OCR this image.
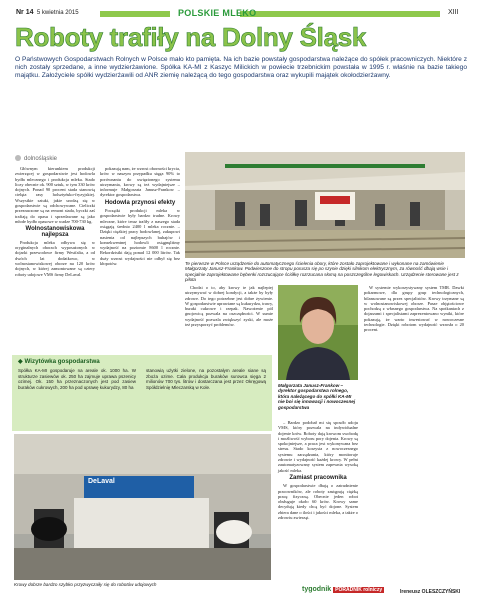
Nr 14 5 kwietnia 2015	POLSKIE MLEKO	XIII
Roboty trafiły na Dolny Śląsk
O Państwowych Gospodarstwach Rolnych w Polsce mało kto pamięta. Na ich bazie powstały gospodarstwa należące do spółek pracowniczych. Niektóre z nich zostały sprzedane, a inne wydzierżawione. Spółka KA-MI z Kaszyc Milickich w powiecie trzebnickim powstała w 1995 r. właśnie na bazie takiego majątku. Założyciele spółki wydzierżawili od ANR ziemię należącą do tego gospodarstwa oraz wykupili majątek okołodzierżawny.
dolnośląskie
Te pierwsze w Polsce urządzenie do automatycznego ścielenia obory, które zostało zaprojektowane i wykonane na zamówienie Małgorzaty Janusz-Frankow. Podwieszone do stropu porusza się po szynie dzięki silnikom elektrycznym, za równość dbają wsie i specjalnie zaprojektowane bębenki rozrzucające ściółkę rozrzucana słomą na poszczególne legowiskach. Urządzenie sterowane jest z pilota

Głównym kierunkiem produkcji zwierzęcej w gospodarstwie jest hodowla bydła mlecznego i produkcja mleka. Stado liczy obecnie ok. 900 sztuk, w tym 330 krów dojnych. Ponad 90 procent stada stanowią cielęta rasy holsztyńsko-fryzyjskiej. Wszystkie sztuki, jakie urodzą się w gospodarstwie są odchowywane. Cieliczki przeznaczone są na remont stada, byczki zaś trafiają do opasu i sprzedawane są jako młode bydło opasowe w wadze 700-730 kg.

Wolnostanowiskowa najlepsza

Produkcja mleka odbywa się w oryginalnych oborach wyposażonych w dojarki przewodowe firmy Westfalia, a od dwóch lat dodatkowo, w wolnostanowiskowej oborze na 120 krów dojnych, w której zamontowane są cztery roboty udojowe VMS firmy DeLaval.

pokazują nam, że wzrost oborności krycia, krów w naszym przypadku sięga 90% to porównaniu do uwięzionego systemu utrzymania, krowy są też wydajniejsze – informuje Małgorzata Janusz-Frankow – dyrektor gospodarstwa.

Hodowla przynosi efekty

Początki produkcji mleka w gospodarstwie były bardzo trudne. Krowy mleczne, które teraz trafiły z naszego stada osiągają średnio 2400 l mleka rocznie. – Dzięki ciężkiej pracy hodowlanej, zakupowi nasienia od najlepszych buhajów i konsekwentnej hodowli osiągnęliśmy wydajność na poziomie 8600 l rocznie. Rekordzistki dają ponad 12 000 litrów. Tak duży wzrost wydajności nie odbył się bez kłopotów.

Chodzi o to, aby krowy te jak najlepiej utrzymywać w dobrej kondycji, a także by były zdrowe. Do tego potrzebne jest dobre żywienie. W gospodarstwie uprawiane są kukurydza, trawy, buraki cukrowe i rzepak. Nawożenie pól gnojowicą pozwala na oszczędności. W sumie wydajność pozwala zwiększyć zyski, ale może też przysporzyć problemów.

Małgorzata Janusz-Frankow – dyrektor gospodarstwa rolnego, która należącego do spółki KA-MI nie boi się innowacji i nowoczesnej gospodarstwa

– Bardzo podobał mi się sposób udoju VMS, który pozwala na indywidualne dojenie krów. Roboty dają krowom swobodę i możliwość wyboru pory dojenia. Krowy są spokojniejsze, a praca jest wykonywana bez stresu. Stado korzysta z nowoczesnego systemu zarządzania, który monitoruje zdrowie i wydajność każdej krowy. W pełni zautomatyzowany system zapewnia wysoką jakość mleka.

Zamiast pracownika

W gospodarstwie dbają o zatrudnienie pracowników, ale roboty zastępują ciężką pracę fizyczną. Obecnie jeden robot obsługuje około 60 krów. Krowy same decydują kiedy chcą być dojone. System zbiera dane o ilości i jakości mleka, a także o zdrowiu zwierząt.

W systemie wykorzystywany system TMR. Dawki pokarmowe, dla grupy grup technologicznych, bilansowane są przez specjalistów. Krowy trzymane są w wolnostanowiskowej oborze. Pasze objętościowe pochodzą z własnego gospodarstwa. Na spotkaniach z dojarzami i specjalistami zaprezentowano wyniki, które pokazują, że warto inwestować w nowoczesne technologie. Dzięki robotom wydajność wzrosła o 20 procent.

Ireneusz OLESZCZYŃSKI
◆ Wizytówka gospodarstwa
Spółka KA-MI gospodaruje na areale ok. 1000 ha. W strukturze zasiewów ok. 250 ha zajmuje uprawa pszenicy ozimej. Ok. 150 ha przeznaczonych jest pod zasiew buraków cukrowych, 200 ha pod uprawę kukurydzy, 80 ha
stanowią użytki zielone, na pozostałym areale siane są zboża ozime. Cała produkcja buraków surowca sięga 2 milionów 700 tys. litrów i dostarczana jest przez Okręgową Spółdzielnię Mleczarską w Kole.
DeLaval
Krowy dobrze bardzo szybko przyzwyczaiły się do robotów udojowych
tygodnik PORADNIK rolniczy
